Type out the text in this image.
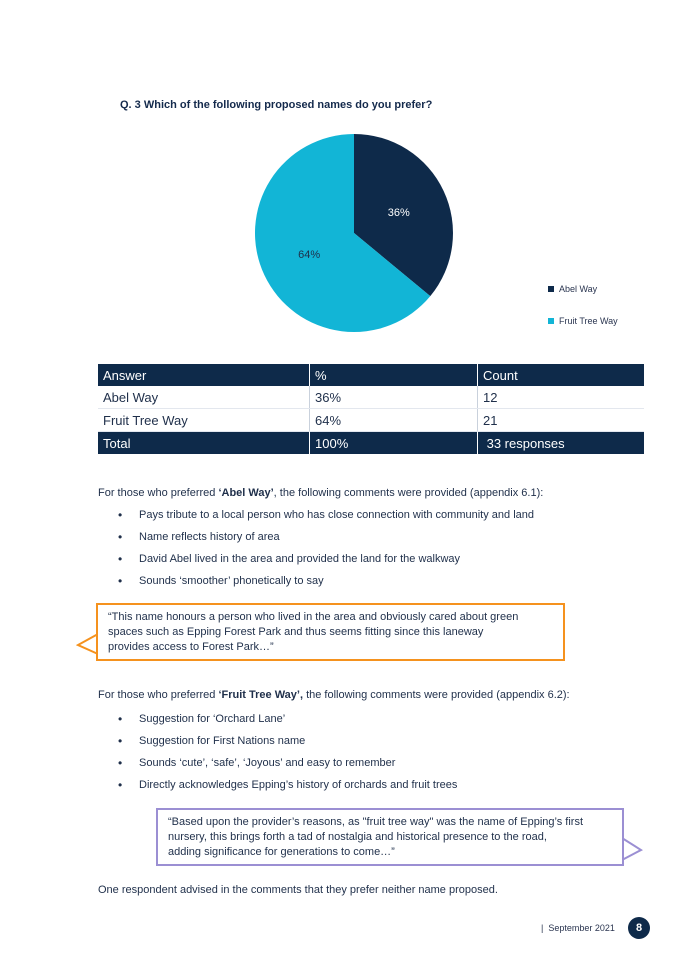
Q. 3 Which of the following proposed names do you prefer?
36%
64%
Abel Way
Fruit Tree Way
Answer	%	Count
Abel Way	36%	12
Fruit Tree Way	64%	21
Total	100%	33 responses
For those who preferred ‘Abel Way’, the following comments were provided (appendix 6.1):
• Pays tribute to a local person who has close connection with community and land
• Name reflects history of area
• David Abel lived in the area and provided the land for the walkway
• Sounds ‘smoother’ phonetically to say
“This name honours a person who lived in the area and obviously cared about green
spaces such as Epping Forest Park and thus seems fitting since this laneway
provides access to Forest Park…”
For those who preferred ‘Fruit Tree Way’, the following comments were provided (appendix 6.2):
• Suggestion for ‘Orchard Lane’
• Suggestion for First Nations name
• Sounds ‘cute’, ‘safe’, ‘Joyous’ and easy to remember
• Directly acknowledges Epping’s history of orchards and fruit trees
“Based upon the provider’s reasons, as "fruit tree way" was the name of Epping’s first
nursery, this brings forth a tad of nostalgia and historical presence to the road,
adding significance for generations to come…”
One respondent advised in the comments that they prefer neither name proposed.
|  September 2021	8
